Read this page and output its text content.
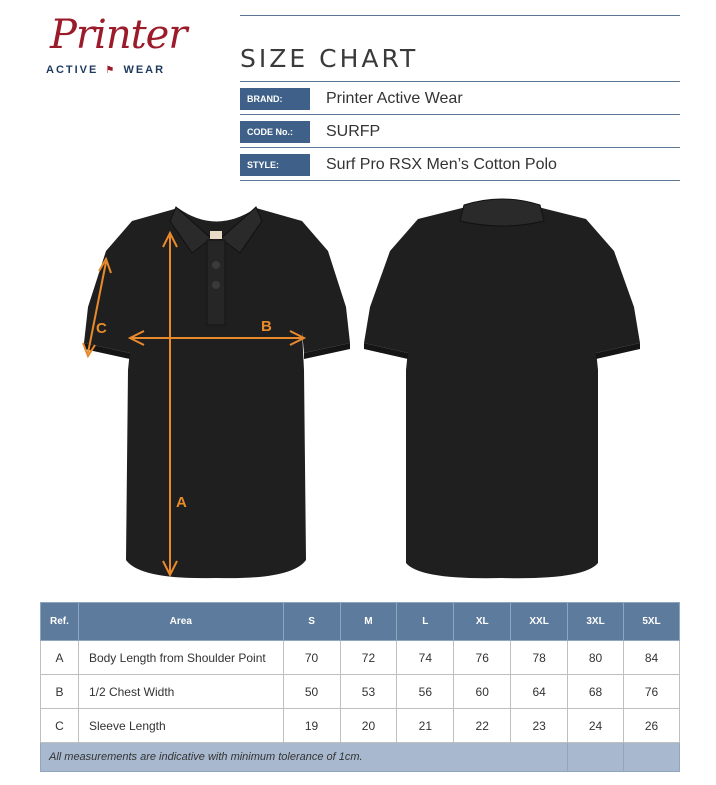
Printer
ACTIVE ⚑ WEAR	SIZE CHART
BRAND:	Printer Active Wear
CODE No.:	SURFP
STYLE:	Surf Pro RSX Men’s Cotton Polo
A
B
C
Ref.	Area	S	M	L	XL	XXL	3XL	5XL
A	Body Length from Shoulder Point	70	72	74	76	78	80	84
B	1/2 Chest Width	50	53	56	60	64	68	76
C	Sleeve Length	19	20	21	22	23	24	26
All measurements are indicative with minimum tolerance of 1cm.								
